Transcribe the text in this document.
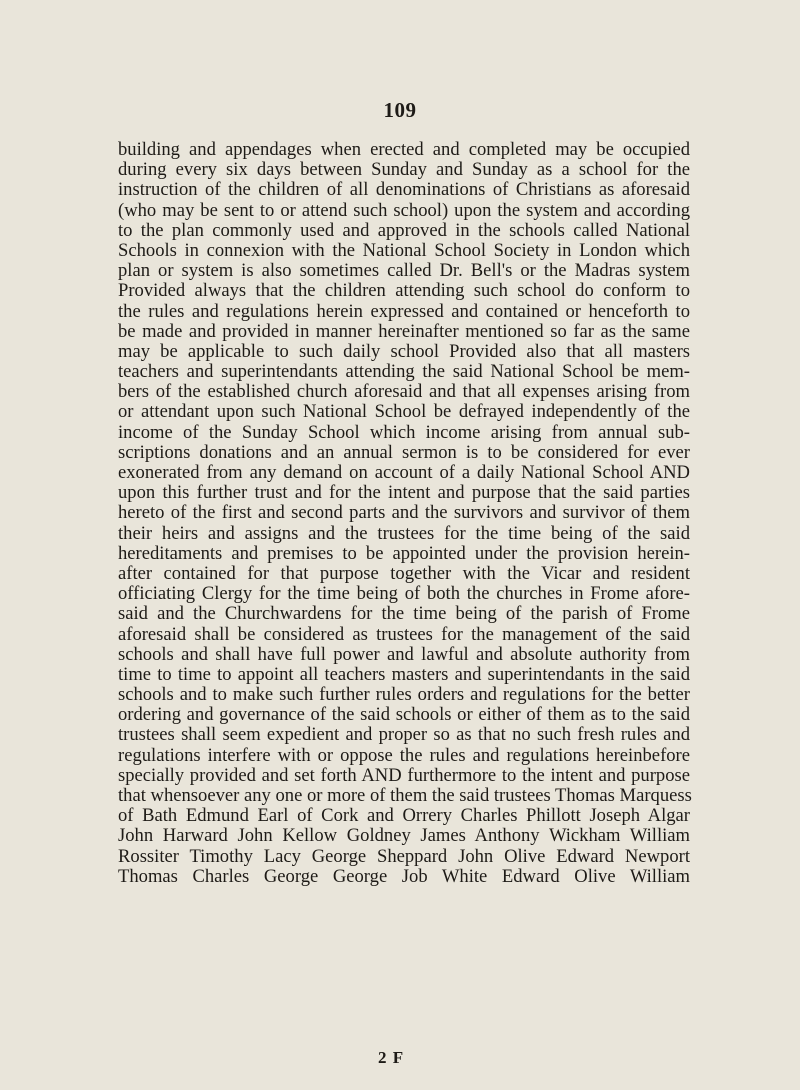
109
building and appendages when erected and completed may be occupied
during every six days between Sunday and Sunday as a school for the
instruction of the children of all denominations of Christians as aforesaid
(who may be sent to or attend such school) upon the system and according
to the plan commonly used and approved in the schools called National
Schools in connexion with the National School Society in London which
plan or system is also sometimes called Dr. Bell's or the Madras system
Provided always that the children attending such school do conform to
the rules and regulations herein expressed and contained or henceforth to
be made and provided in manner hereinafter mentioned so far as the same
may be applicable to such daily school Provided also that all masters
teachers and superintendants attending the said National School be mem-
bers of the established church aforesaid and that all expenses arising from
or attendant upon such National School be defrayed independently of the
income of the Sunday School which income arising from annual sub-
scriptions donations and an annual sermon is to be considered for ever
exonerated from any demand on account of a daily National School AND
upon this further trust and for the intent and purpose that the said parties
hereto of the first and second parts and the survivors and survivor of them
their heirs and assigns and the trustees for the time being of the said
hereditaments and premises to be appointed under the provision herein-
after contained for that purpose together with the Vicar and resident
officiating Clergy for the time being of both the churches in Frome afore-
said and the Churchwardens for the time being of the parish of Frome
aforesaid shall be considered as trustees for the management of the said
schools and shall have full power and lawful and absolute authority from
time to time to appoint all teachers masters and superintendants in the said
schools and to make such further rules orders and regulations for the better
ordering and governance of the said schools or either of them as to the said
trustees shall seem expedient and proper so as that no such fresh rules and
regulations interfere with or oppose the rules and regulations hereinbefore
specially provided and set forth AND furthermore to the intent and purpose
that whensoever any one or more of them the said trustees Thomas Marquess
of Bath Edmund Earl of Cork and Orrery Charles Phillott Joseph Algar
John Harward John Kellow Goldney James Anthony Wickham William
Rossiter Timothy Lacy George Sheppard John Olive Edward Newport
Thomas Charles George George Job White Edward Olive William
2 F
